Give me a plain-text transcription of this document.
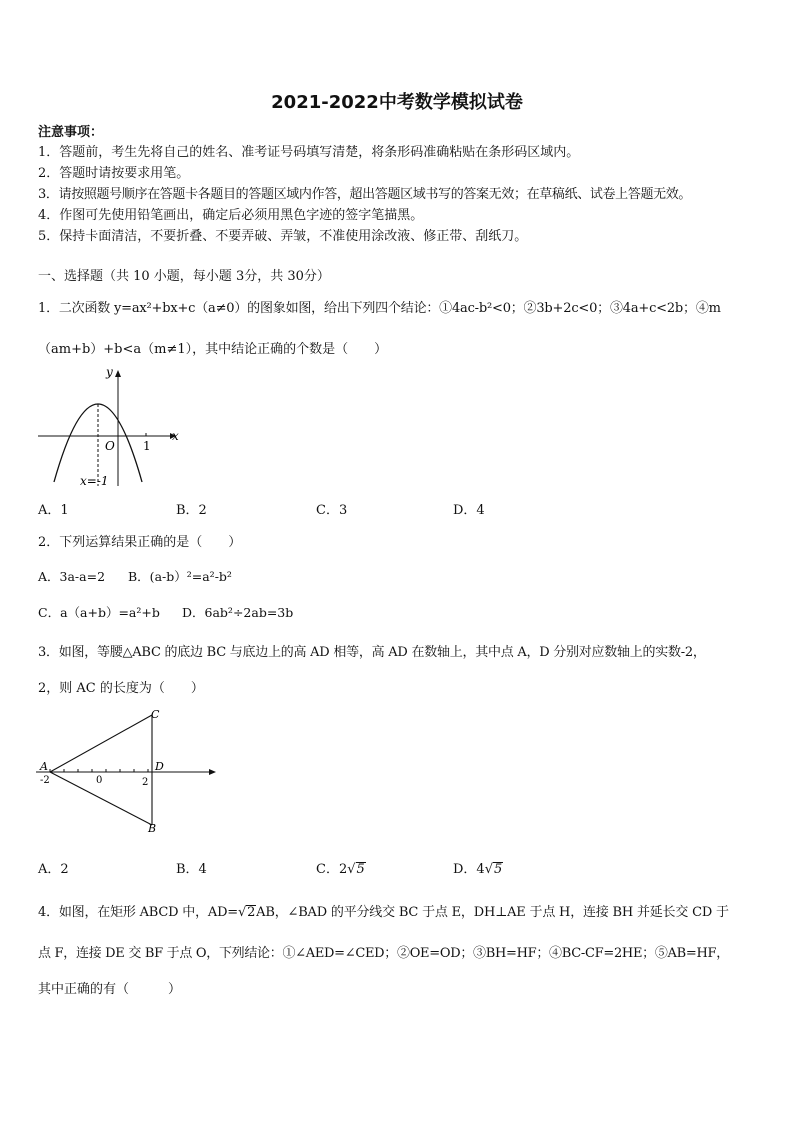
2021-2022中考数学模拟试卷
注意事项：
1．答题前，考生先将自己的姓名、准考证号码填写清楚，将条形码准确粘贴在条形码区域内。
2．答题时请按要求用笔。
3．请按照题号顺序在答题卡各题目的答题区域内作答，超出答题区域书写的答案无效；在草稿纸、试卷上答题无效。
4．作图可先使用铅笔画出，确定后必须用黑色字迹的签字笔描黑。
5．保持卡面清洁，不要折叠、不要弄破、弄皱，不准使用涂改液、修正带、刮纸刀。
一、选择题（共 10 小题，每小题 3分，共 30分）
1．二次函数 y=ax²+bx+c（a≠0）的图象如图，给出下列四个结论：①4ac-b²<0；②3b+2c<0；③4a+c<2b；④m
（am+b）+b<a（m≠1），其中结论正确的个数是（　　）
y
x
O 1
x=-1
A．1	B．2	C．3	D．4
2．下列运算结果正确的是（　　）
A．3a-a=2 B．(a-b）²=a²-b²
C．a（a+b）=a²+b D．6ab²÷2ab=3b
3．如图，等腰△ABC 的底边 BC 与底边上的高 AD 相等，高 AD 在数轴上，其中点 A，D 分别对应数轴上的实数-2，
2，则 AC 的长度为（　　）
A
-2	0	2
D
C
B
A．2	B．4	C．2√5	D．4√5
4．如图，在矩形 ABCD 中，AD=√2AB，∠BAD 的平分线交 BC 于点 E，DH⊥AE 于点 H，连接 BH 并延长交 CD 于
点 F，连接 DE 交 BF 于点 O，下列结论：①∠AED=∠CED；②OE=OD；③BH=HF；④BC-CF=2HE；⑤AB=HF，
其中正确的有（　　　）
